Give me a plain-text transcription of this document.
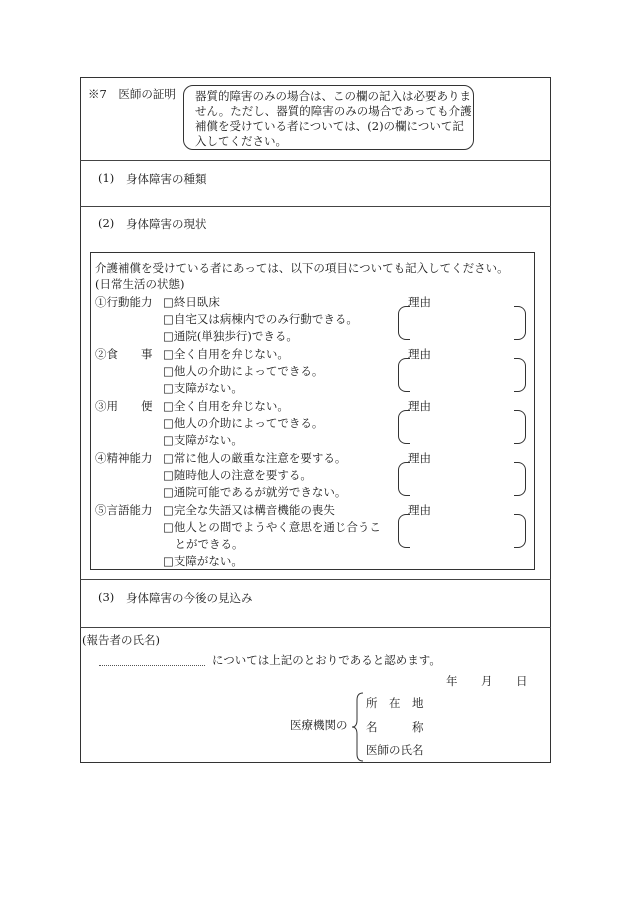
※7　医師の証明 器質的障害のみの場合は、この欄の記入は必要ありま
せん。ただし、器質的障害のみの場合であっても介護
補償を受けている者については、(2)の欄について記
入してください。
(1) 身体障害の種類
(2) 身体障害の現状
介護補償を受けている者にあっては、以下の項目についても記入してください。
(日常生活の状態)
①行動能力 □終日臥床
□自宅又は病棟内でのみ行動できる。
□通院(単独歩行)できる。
理由
②食　　事 □全く自用を弁じない。
□他人の介助によってできる。
□支障がない。
理由
③用　　便 □全く自用を弁じない。
□他人の介助によってできる。
□支障がない。
理由
④精神能力 □常に他人の厳重な注意を要する。
□随時他人の注意を要する。
□通院可能であるが就労できない。
理由
⑤言語能力 □完全な失語又は構音機能の喪失
□他人との間でようやく意思を通じ合うこ
　とができる。
□支障がない。
理由
(3) 身体障害の今後の見込み
(報告者の氏名)
については上記のとおりであると認めます。
年 月 日
医療機関の
所　在　地
名　　　称
医師の氏名
